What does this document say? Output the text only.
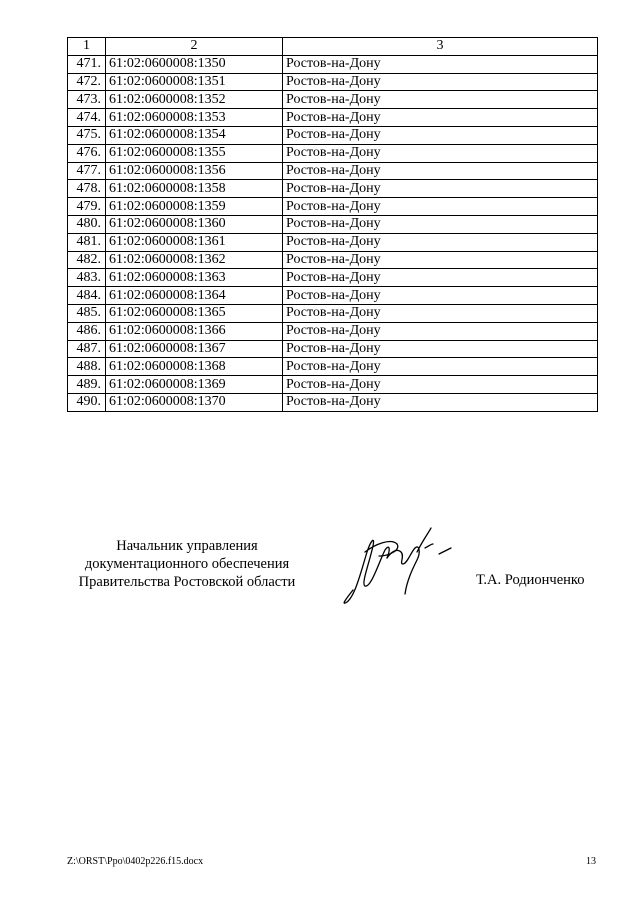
1	2	3
471.	61:02:0600008:1350	Ростов-на-Дону
472.	61:02:0600008:1351	Ростов-на-Дону
473.	61:02:0600008:1352	Ростов-на-Дону
474.	61:02:0600008:1353	Ростов-на-Дону
475.	61:02:0600008:1354	Ростов-на-Дону
476.	61:02:0600008:1355	Ростов-на-Дону
477.	61:02:0600008:1356	Ростов-на-Дону
478.	61:02:0600008:1358	Ростов-на-Дону
479.	61:02:0600008:1359	Ростов-на-Дону
480.	61:02:0600008:1360	Ростов-на-Дону
481.	61:02:0600008:1361	Ростов-на-Дону
482.	61:02:0600008:1362	Ростов-на-Дону
483.	61:02:0600008:1363	Ростов-на-Дону
484.	61:02:0600008:1364	Ростов-на-Дону
485.	61:02:0600008:1365	Ростов-на-Дону
486.	61:02:0600008:1366	Ростов-на-Дону
487.	61:02:0600008:1367	Ростов-на-Дону
488.	61:02:0600008:1368	Ростов-на-Дону
489.	61:02:0600008:1369	Ростов-на-Дону
490.	61:02:0600008:1370	Ростов-на-Дону
Начальник управления
документационного обеспечения
Правительства Ростовской области	Т.А. Родионченко
Z:\ORST\Ppo\0402p226.f15.docx	13
